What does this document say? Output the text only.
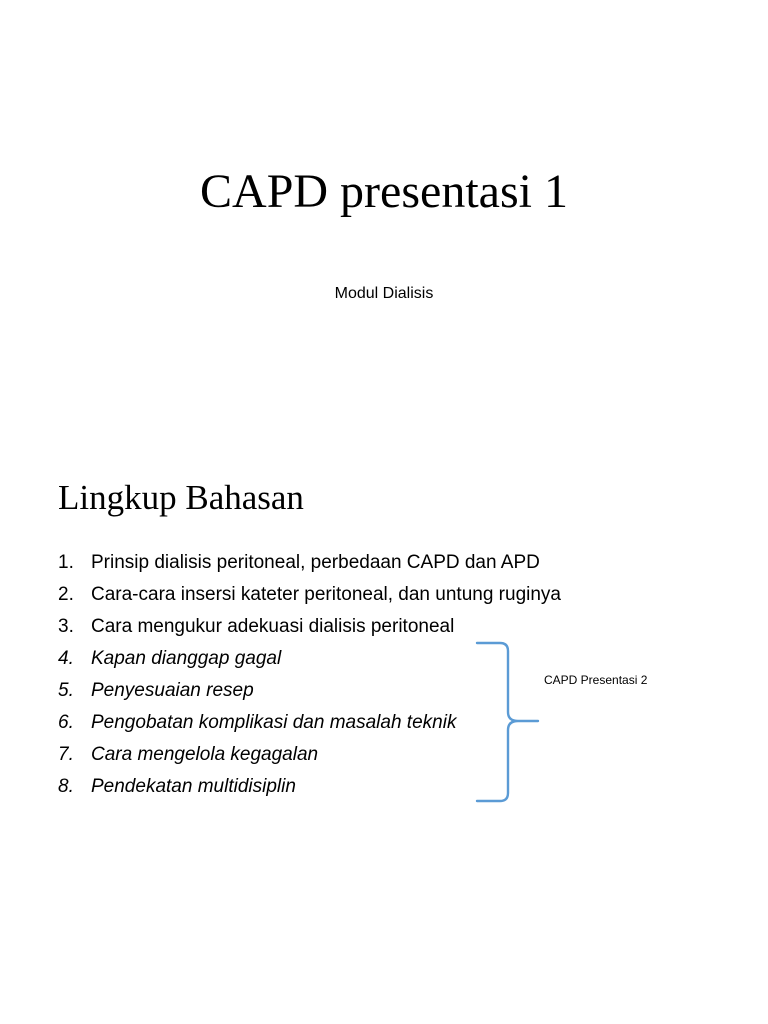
CAPD presentasi 1
Modul Dialisis
Lingkup Bahasan
1. Prinsip dialisis peritoneal, perbedaan CAPD dan APD
2. Cara-cara insersi kateter peritoneal, dan untung ruginya
3. Cara mengukur adekuasi dialisis peritoneal
4. Kapan dianggap gagal
5. Penyesuaian resep
6. Pengobatan komplikasi dan masalah teknik
7. Cara mengelola kegagalan
8. Pendekatan multidisiplin
CAPD Presentasi 2
